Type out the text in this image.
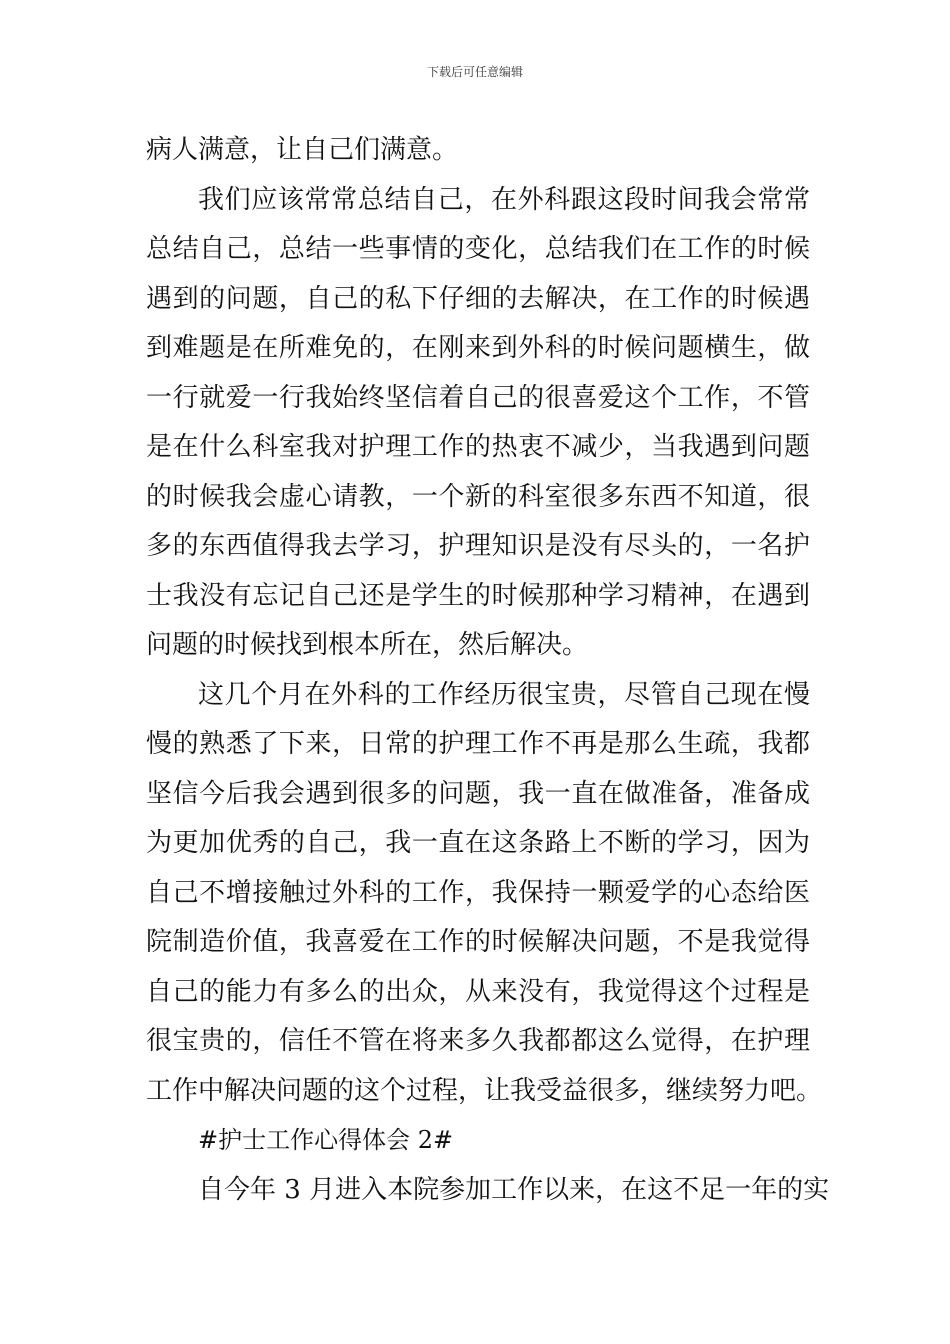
下载后可任意编辑
病人满意，让自己们满意。
我们应该常常总结自己，在外科跟这段时间我会常常
总结自己，总结一些事情的变化，总结我们在工作的时候
遇到的问题，自己的私下仔细的去解决，在工作的时候遇
到难题是在所难免的，在刚来到外科的时候问题横生，做
一行就爱一行我始终坚信着自己的很喜爱这个工作，不管
是在什么科室我对护理工作的热衷不减少，当我遇到问题
的时候我会虚心请教，一个新的科室很多东西不知道，很
多的东西值得我去学习，护理知识是没有尽头的，一名护
士我没有忘记自己还是学生的时候那种学习精神，在遇到
问题的时候找到根本所在，然后解决。
这几个月在外科的工作经历很宝贵，尽管自己现在慢
慢的熟悉了下来，日常的护理工作不再是那么生疏，我都
坚信今后我会遇到很多的问题，我一直在做准备，准备成
为更加优秀的自己，我一直在这条路上不断的学习，因为
自己不增接触过外科的工作，我保持一颗爱学的心态给医
院制造价值，我喜爱在工作的时候解决问题，不是我觉得
自己的能力有多么的出众，从来没有，我觉得这个过程是
很宝贵的，信任不管在将来多久我都都这么觉得，在护理
工作中解决问题的这个过程，让我受益很多，继续努力吧。
#护士工作心得体会 2#
自今年 3 月进入本院参加工作以来，在这不足一年的实
